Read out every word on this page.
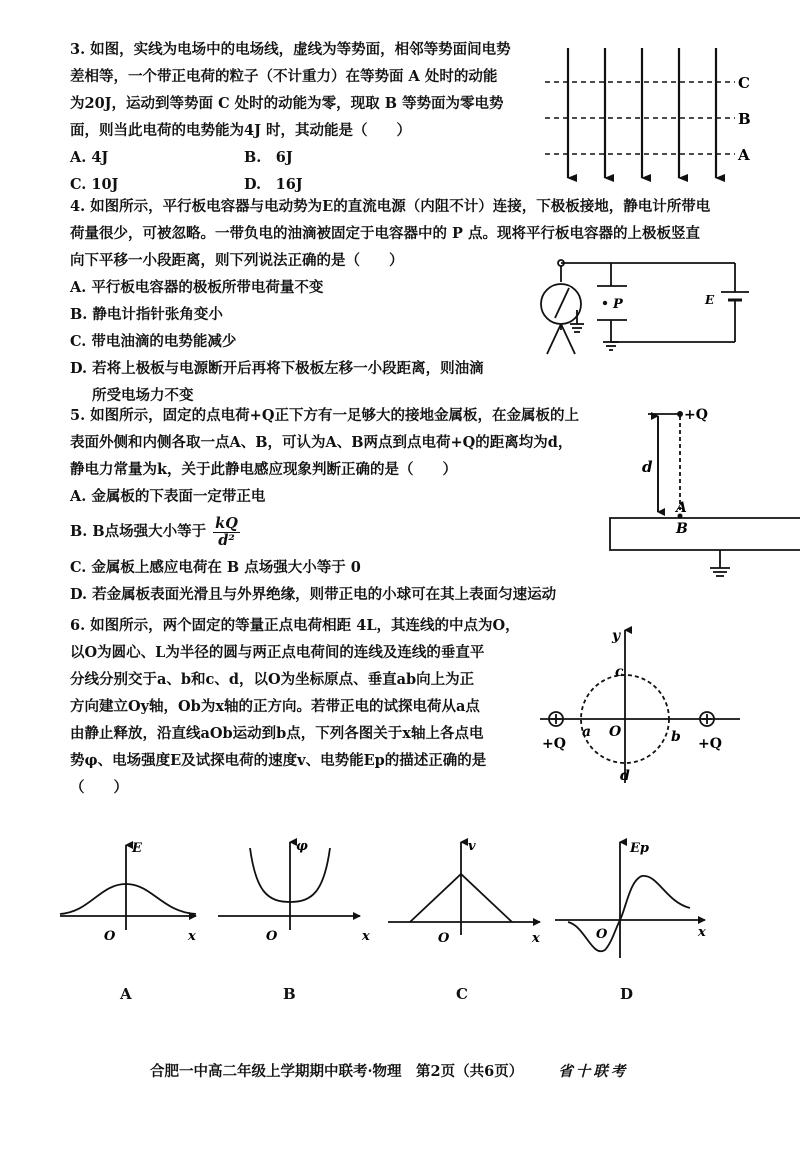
3. 如图，实线为电场中的电场线，虚线为等势面，相邻等势面间电势
差相等，一个带正电荷的粒子（不计重力）在等势面 A 处时的动能
为20J，运动到等势面 C 处时的动能为零，现取 B 等势面为零电势
面，则当此电荷的电势能为4J 时，其动能是（　　）
A. 4J	B.　6J
C. 10J	D.　16J
C
B
A
4. 如图所示，平行板电容器与电动势为E的直流电源（内阻不计）连接，下极板接地，静电计所带电
荷量很少，可被忽略。一带负电的油滴被固定于电容器中的 P 点。现将平行板电容器的上极板竖直
向下平移一小段距离，则下列说法正确的是（　　）
A. 平行板电容器的极板所带电荷量不变
B. 静电计指针张角变小
C. 带电油滴的电势能减少
D. 若将上极板与电源断开后再将下极板左移一小段距离，则油滴
所受电场力不变
P	E
5. 如图所示，固定的点电荷+Q正下方有一足够大的接地金属板，在金属板的上
表面外侧和内侧各取一点A、B，可认为A、B两点到点电荷+Q的距离均为d，
静电力常量为k，关于此静电感应现象判断正确的是（　　）
A. 金属板的下表面一定带正电
B. B点场强大小等于 $\frac{kQ}{\text{d²}}$
C. 金属板上感应电荷在 B 点场强大小等于 0
D. 若金属板表面光滑且与外界绝缘，则带正电的小球可在其上表面匀速运动
+Q
d
A
B
6. 如图所示，两个固定的等量正点电荷相距 4L，其连线的中点为O，
以O为圆心、L为半径的圆与两正点电荷间的连线及连线的垂直平
分线分别交于a、b和c、d，以O为坐标原点、垂直ab向上为正
方向建立Oy轴，Ob为x轴的正方向。若带正电的试探电荷从a点
由静止释放，沿直线aOb运动到b点，下列各图关于x轴上各点电
势φ、电场强度E及试探电荷的速度v、电势能Ep的描述正确的是
（　　）
y
c
a O	b
d
+Q	+Q
E
O	x
φ
O	x
v
O	x
Ep
O	x
A	B	C	D
合肥一中高二年级上学期期中联考·物理　第2页（共6页） 省十联考
